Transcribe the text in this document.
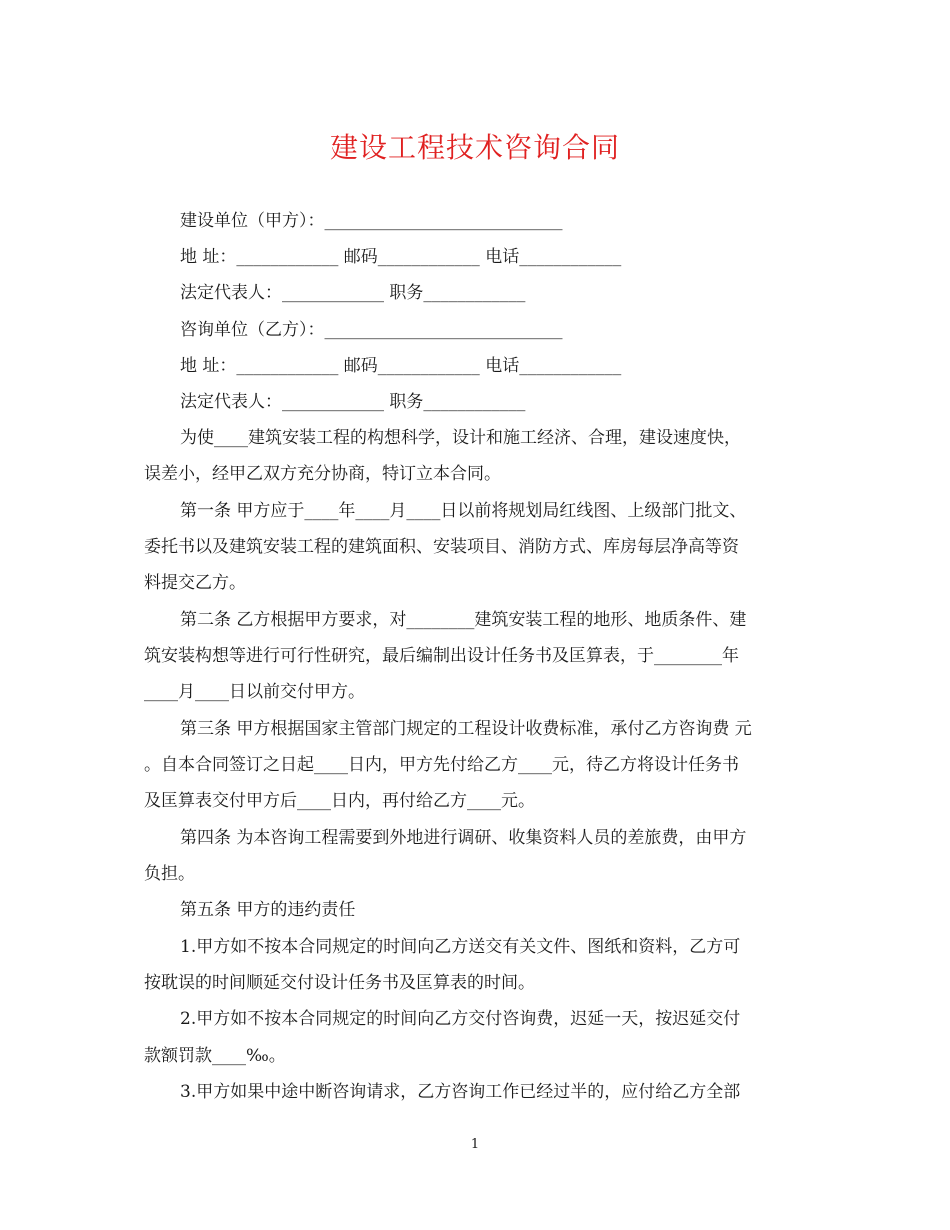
建设工程技术咨询合同
建设单位（甲方）：____________________________
地 址：____________ 邮码____________ 电话____________
法定代表人：____________ 职务____________
咨询单位（乙方）：____________________________
地 址：____________ 邮码____________ 电话____________
法定代表人：____________ 职务____________
为使____建筑安装工程的构想科学，设计和施工经济、合理，建设速度快，
误差小，经甲乙双方充分协商，特订立本合同。
第一条 甲方应于____年____月____日以前将规划局红线图、上级部门批文、
委托书以及建筑安装工程的建筑面积、安装项目、消防方式、库房每层净高等资
料提交乙方。
第二条 乙方根据甲方要求，对________建筑安装工程的地形、地质条件、建
筑安装构想等进行可行性研究，最后编制出设计任务书及匡算表，于________年
____月____日以前交付甲方。
第三条 甲方根据国家主管部门规定的工程设计收费标准，承付乙方咨询费 元
。自本合同签订之日起____日内，甲方先付给乙方____元，待乙方将设计任务书
及匡算表交付甲方后____日内，再付给乙方____元。
第四条 为本咨询工程需要到外地进行调研、收集资料人员的差旅费，由甲方
负担。
第五条 甲方的违约责任
1.甲方如不按本合同规定的时间向乙方送交有关文件、图纸和资料，乙方可
按耽误的时间顺延交付设计任务书及匡算表的时间。
2.甲方如不按本合同规定的时间向乙方交付咨询费，迟延一天，按迟延交付
款额罚款____‰。
3.甲方如果中途中断咨询请求，乙方咨询工作已经过半的，应付给乙方全部
1
